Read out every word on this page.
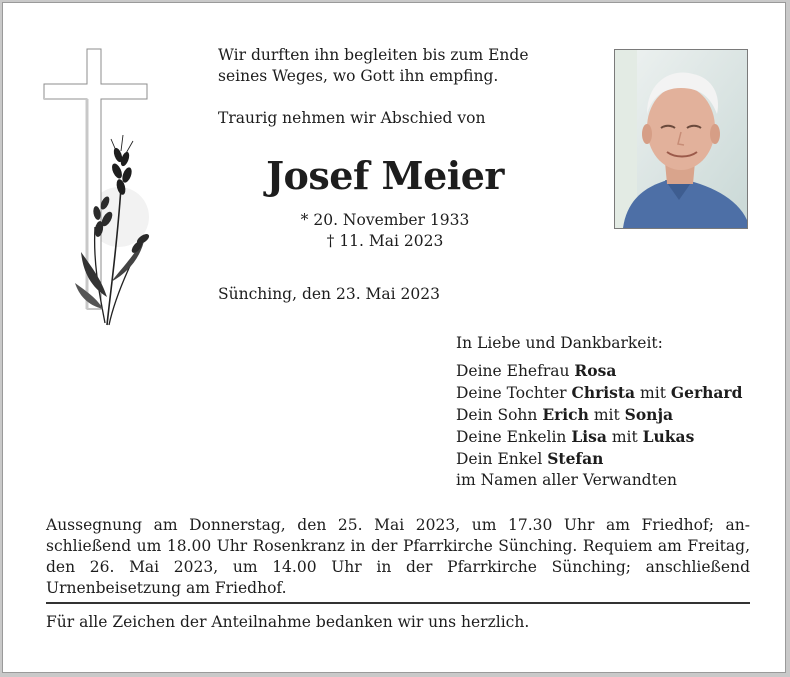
Wir durften ihn begleiten bis zum Ende
seines Weges, wo Gott ihn empfing.
Traurig nehmen wir Abschied von
Josef Meier
* 20. November 1933
† 11. Mai 2023
Sünching, den 23. Mai 2023
In Liebe und Dankbarkeit:
Deine Ehefrau Rosa
Deine Tochter Christa mit Gerhard
Dein Sohn Erich mit Sonja
Deine Enkelin Lisa mit Lukas
Dein Enkel Stefan
im Namen aller Verwandten
Aussegnung am Donnerstag, den 25. Mai 2023, um 17.30 Uhr am Friedhof; anschließend um 18.00 Uhr Rosenkranz in der Pfarrkirche Sünching. Requiem am Freitag, den 26. Mai 2023, um 14.00 Uhr in der Pfarrkirche Sünching; anschließend Urnenbeisetzung am Friedhof.
Für alle Zeichen der Anteilnahme bedanken wir uns herzlich.
